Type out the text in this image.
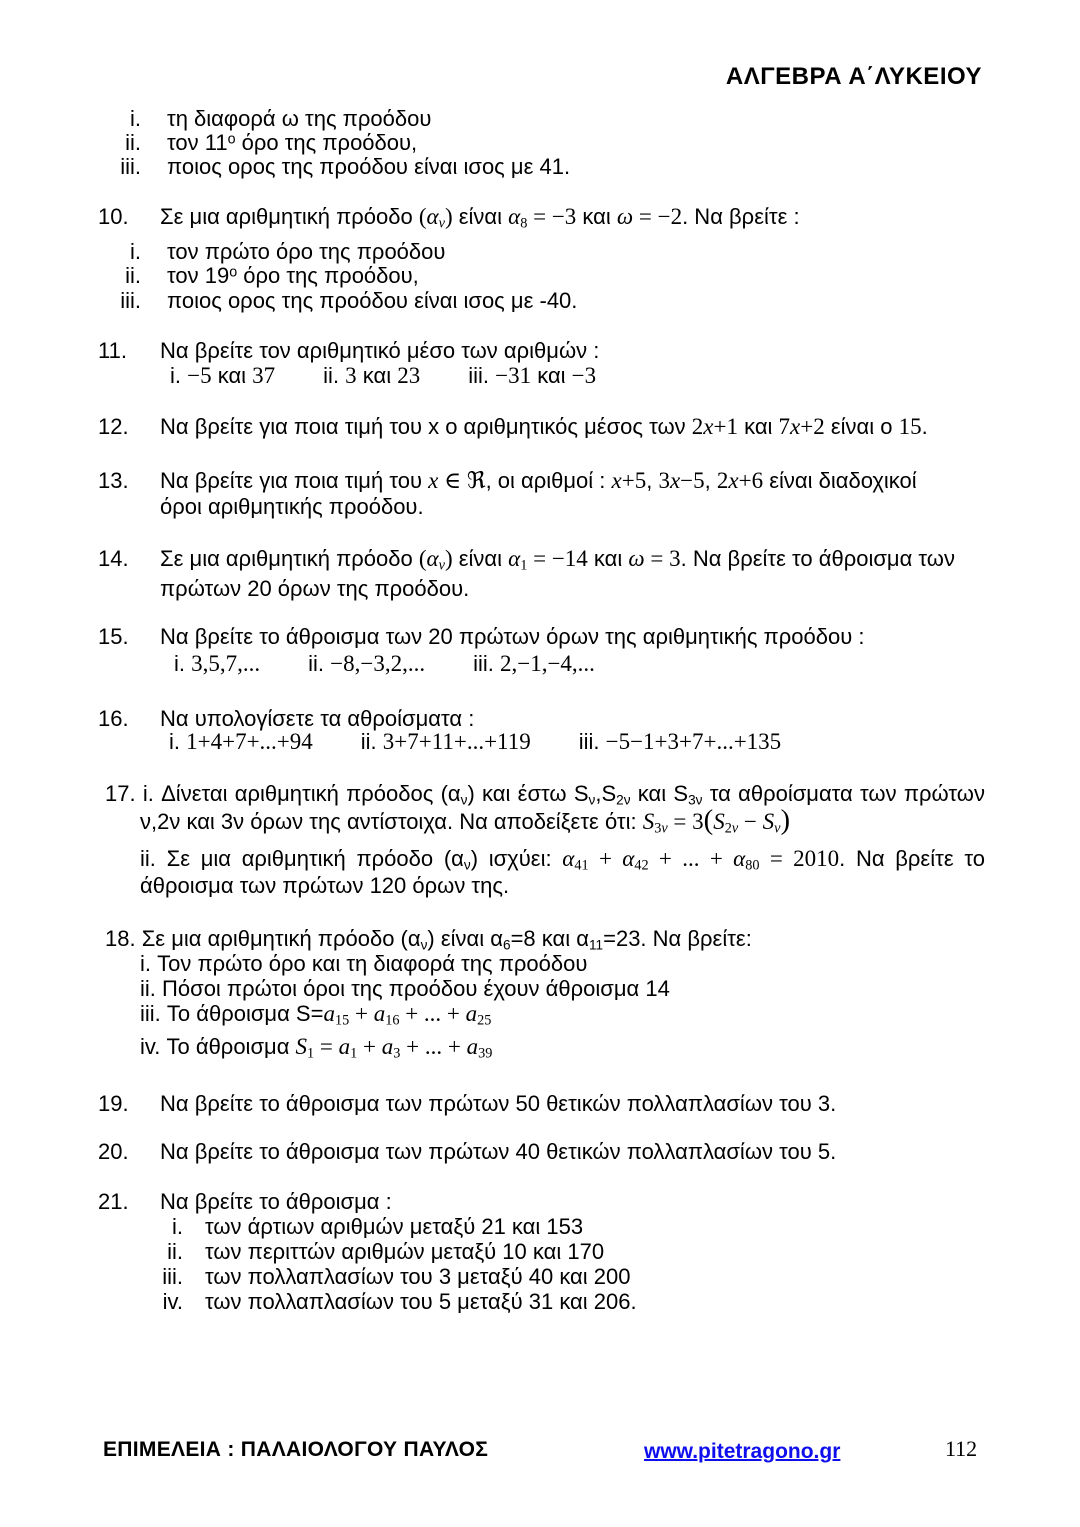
ΑΛΓΕΒΡΑ Α΄ΛΥΚΕΙΟΥ
i. τη διαφορά ω της προόδου
ii. τον $11^o$ όρο της προόδου,
iii. ποιος ορος της προόδου είναι ισος με 41.
10.	Σε μια αριθμητική πρόοδο $(\alpha_\nu)$ είναι $\alpha_8 = -3$ και ω = −2. Να βρείτε :
i. τον πρώτο όρο της προόδου
ii. τον $19^o$ όρο της προόδου,
iii. ποιος ορος της προόδου είναι ισος με -40.
11.	Να βρείτε τον αριθμητικό μέσο των αριθμών :
i. −5 και 37 ii. 3 και 23 iii. −31 και −3
12.	Να βρείτε για ποια τιμή του x ο αριθμητικός μέσος των 2x+1 και 7x+2 είναι ο 15.
13.	Να βρείτε για ποια τιμή του x ∈ ℜ, οι αριθμοί : x+5, 3x−5, 2x+6 είναι διαδοχικοί
όροι αριθμητικής προόδου.
14.	Σε μια αριθμητική πρόοδο $(\alpha_\nu)$ είναι $\alpha_1 = -14$ και ω = 3. Να βρείτε το άθροισμα των
πρώτων 20 όρων της προόδου.
15.	Να βρείτε το άθροισμα των 20 πρώτων όρων της αριθμητικής προόδου :
i. 3,5,7,... ii. −8,−3,2,... iii. 2,−1,−4,...
16.	Να υπολογίσετε τα αθροίσματα :
i. 1+4+7+...+94 ii. 3+7+11+...+119 iii. −5−1+3+7+...+135
17. i. Δίνεται αριθμητική πρόοδος $(\alpha_\nu)$ και έστω $S_\nu,S_{2\nu}$ και $S_{3\nu}$ τα αθροίσματα των πρώτων
ν,2ν και 3ν όρων της αντίστοιχα. Να αποδείξετε ότι: $S_{3\nu} = 3(S_{2\nu} - S_\nu)$
ii. Σε μια αριθμητική πρόοδο $(\alpha_\nu)$ ισχύει: $\alpha_{41} + \alpha_{42}$ + ... + $\alpha_{80} = 2010$. Να βρείτε το
άθροισμα των πρώτων 120 όρων της.
18. Σε μια αριθμητική πρόοδο $(\alpha_\nu)$ είναι $\alpha_6=8$ και $\alpha_{11}=23$. Να βρείτε:
i. Τον πρώτο όρο και τη διαφορά της προόδου
ii. Πόσοι πρώτοι όροι της προόδου έχουν άθροισμα 14
iii. Το άθροισμα $S=a_{15} + a_{16}$ + ... + $a_{25}$
iv. Το άθροισμα $S_1 = a_1 + a_3$ + ... + $a_{39}$
19.	Να βρείτε το άθροισμα των πρώτων 50 θετικών πολλαπλασίων του 3.
20.	Να βρείτε το άθροισμα των πρώτων 40 θετικών πολλαπλασίων του 5.
21.	Να βρείτε το άθροισμα :
i. των άρτιων αριθμών μεταξύ 21 και 153
ii. των περιττών αριθμών μεταξύ 10 και 170
iii. των πολλαπλασίων του 3 μεταξύ 40 και 200
iv. των πολλαπλασίων του 5 μεταξύ 31 και 206.
ΕΠΙΜΕΛΕΙΑ : ΠΑΛΑΙΟΛΟΓΟΥ ΠΑΥΛΟΣ	www.pitetragono.gr	112
